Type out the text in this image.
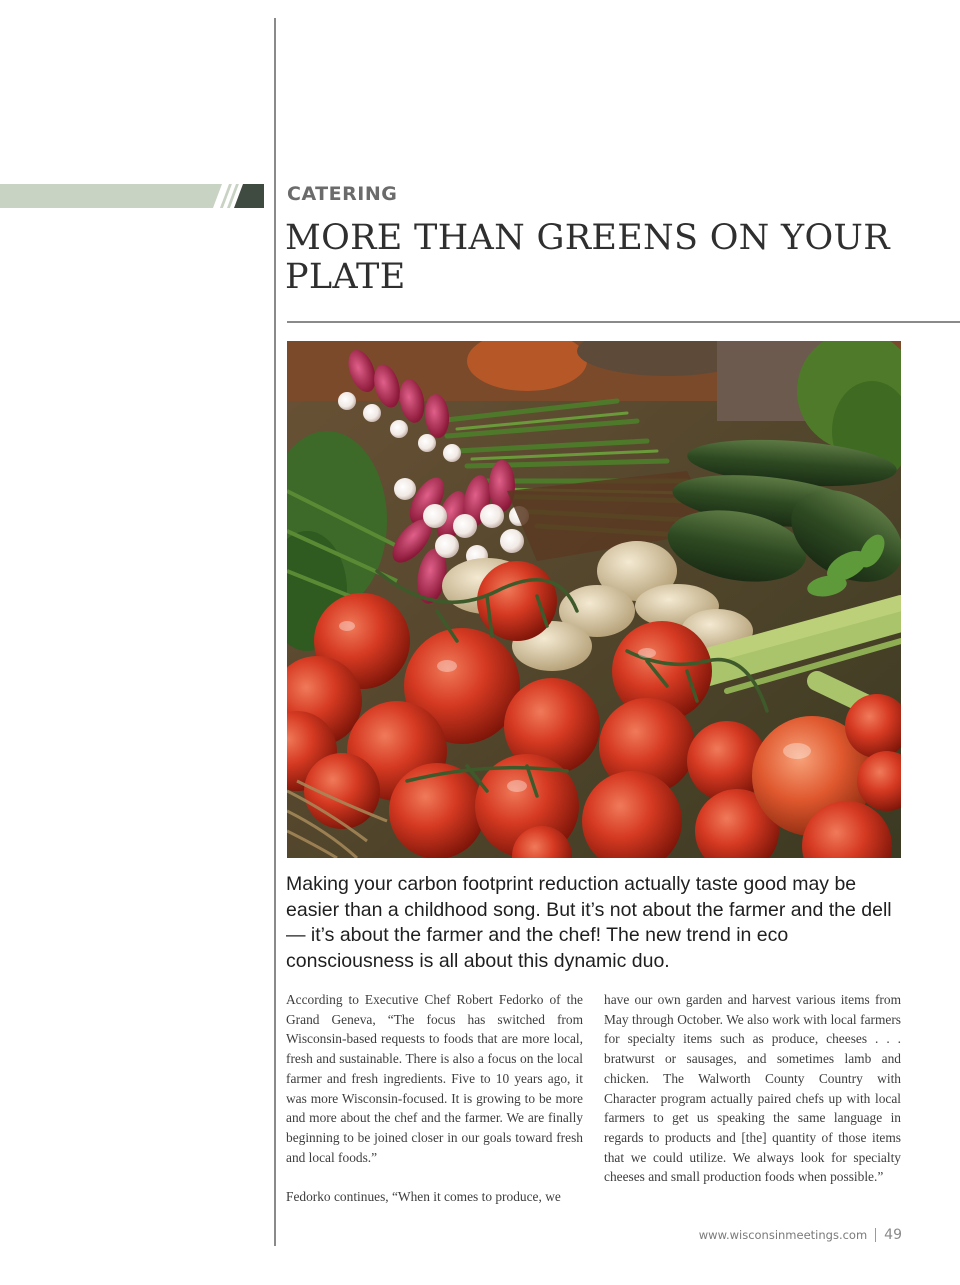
CATERING
MORE THAN GREENS ON YOUR PLATE

Making your carbon footprint reduction actually taste good may be easier than a childhood song. But it’s not about the farmer and the dell — it’s about the farmer and the chef! The new trend in eco consciousness is all about this dynamic duo.

According to Executive Chef Robert Fedorko of the Grand Geneva, “The focus has switched from Wisconsin-based requests to foods that are more local, fresh and sustainable. There is also a focus on the local farmer and fresh ingredients. Five to 10 years ago, it was more Wisconsin-focused. It is growing to be more and more about the chef and the farmer. We are finally beginning to be joined closer in our goals toward fresh and local foods.”

Fedorko continues, “When it comes to produce, we

have our own garden and harvest various items from May through October. We also work with local farmers for specialty items such as produce, cheeses . . . bratwurst or sausages, and sometimes lamb and chicken. The Walworth County Country with Character program actually paired chefs up with local farmers to get us speaking the same language in regards to products and [the] quantity of those items that we could utilize. We always look for specialty cheeses and small production foods when possible.”

www.wisconsinmeetings.com 49
